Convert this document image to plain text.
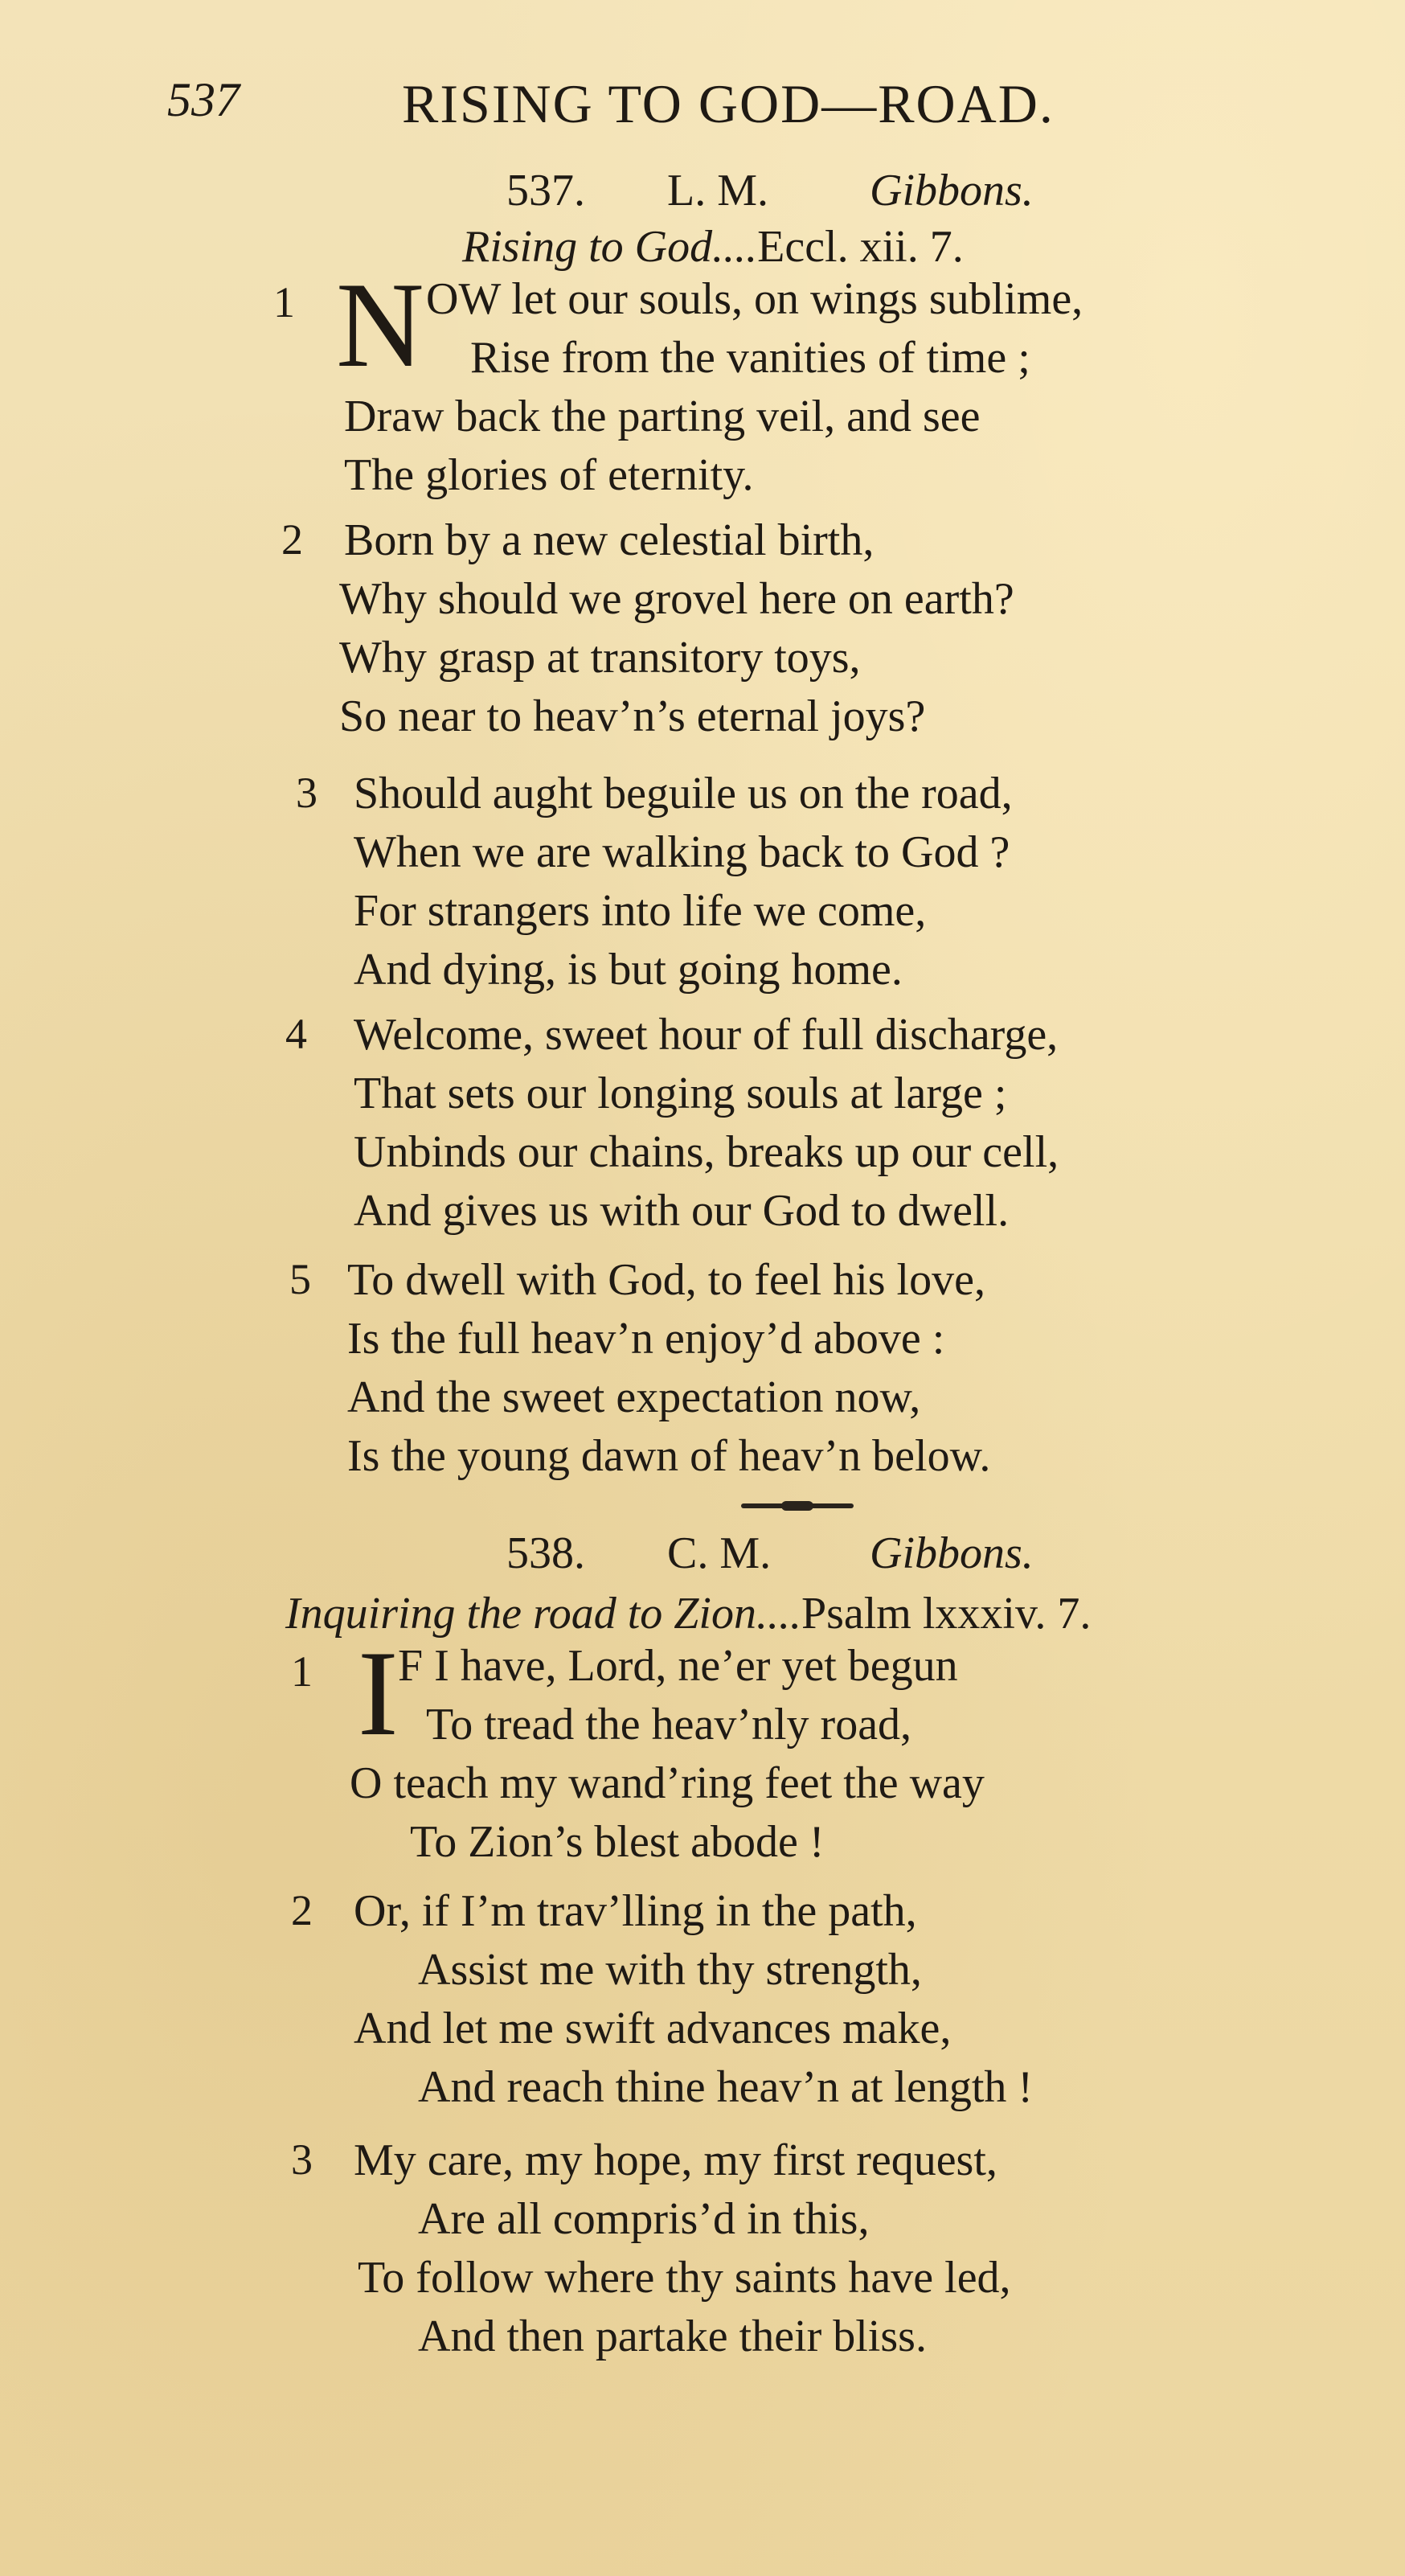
537	RISING TO GOD—ROAD.
537. L. M. Gibbons.
Rising to God....Eccl. xii. 7.
1 N OW let our souls, on wings sublime,
Rise from the vanities of time ;
Draw back the parting veil, and see
The glories of eternity.
2 Born by a new celestial birth,
Why should we grovel here on earth?
Why grasp at transitory toys,
So near to heav’n’s eternal joys?
3 Should aught beguile us on the road,
When we are walking back to God ?
For strangers into life we come,
And dying, is but going home.
4 Welcome, sweet hour of full discharge,
That sets our longing souls at large ;
Unbinds our chains, breaks up our cell,
And gives us with our God to dwell.
5 To dwell with God, to feel his love,
Is the full heav’n enjoy’d above :
And the sweet expectation now,
Is the young dawn of heav’n below.
538. C. M. Gibbons.
Inquiring the road to Zion....Psalm lxxxiv. 7.
1 I F I have, Lord, ne’er yet begun
To tread the heav’nly road,
O teach my wand’ring feet the way
To Zion’s blest abode !
2 Or, if I’m trav’lling in the path,
Assist me with thy strength,
And let me swift advances make,
And reach thine heav’n at length !
3 My care, my hope, my first request,
Are all compris’d in this,
To follow where thy saints have led,
And then partake their bliss.
